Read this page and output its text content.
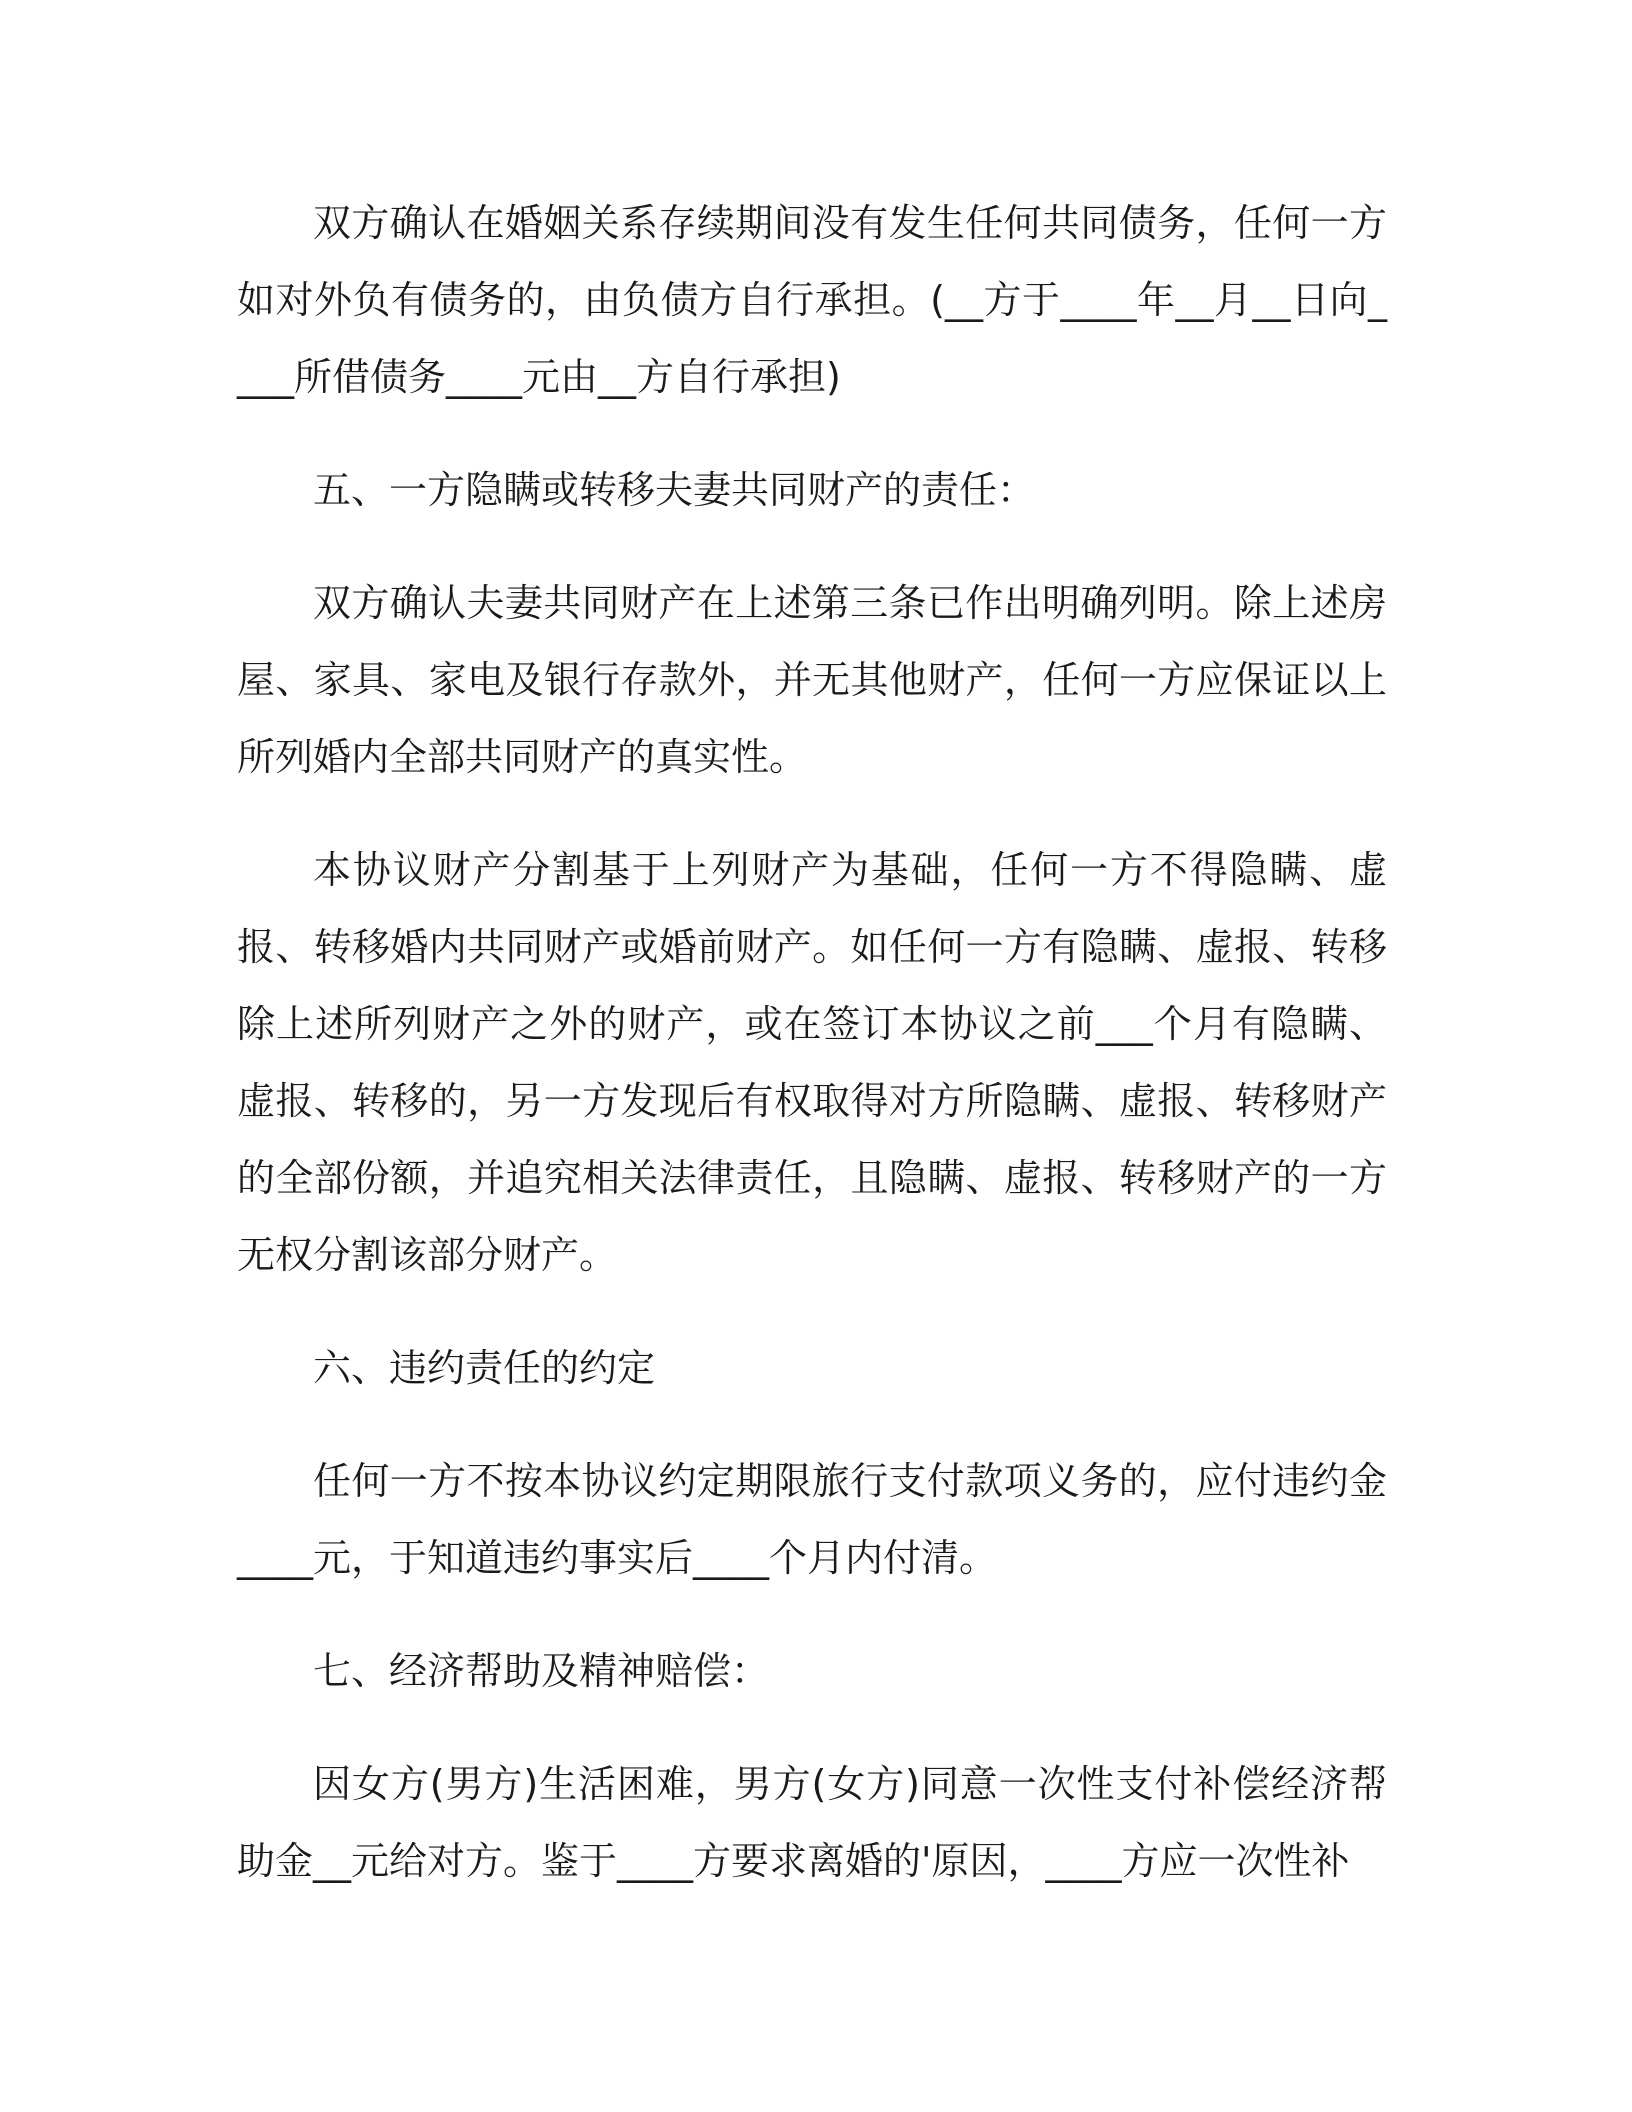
双方确认在婚姻关系存续期间没有发生任何共同债务，任何一方如对外负有债务的，由负债方自行承担。(__方于____年__月__日向____所借债务____元由__方自行承担)

五、一方隐瞒或转移夫妻共同财产的责任：

双方确认夫妻共同财产在上述第三条已作出明确列明。除上述房屋、家具、家电及银行存款外，并无其他财产，任何一方应保证以上所列婚内全部共同财产的真实性。

本协议财产分割基于上列财产为基础，任何一方不得隐瞒、虚报、转移婚内共同财产或婚前财产。如任何一方有隐瞒、虚报、转移除上述所列财产之外的财产，或在签订本协议之前___个月有隐瞒、虚报、转移的，另一方发现后有权取得对方所隐瞒、虚报、转移财产的全部份额，并追究相关法律责任，且隐瞒、虚报、转移财产的一方无权分割该部分财产。

六、违约责任的约定

任何一方不按本协议约定期限旅行支付款项义务的，应付违约金____元，于知道违约事实后____个月内付清。

七、经济帮助及精神赔偿：

因女方(男方)生活困难，男方(女方)同意一次性支付补偿经济帮助金__元给对方。鉴于____方要求离婚的'原因，____方应一次性补
